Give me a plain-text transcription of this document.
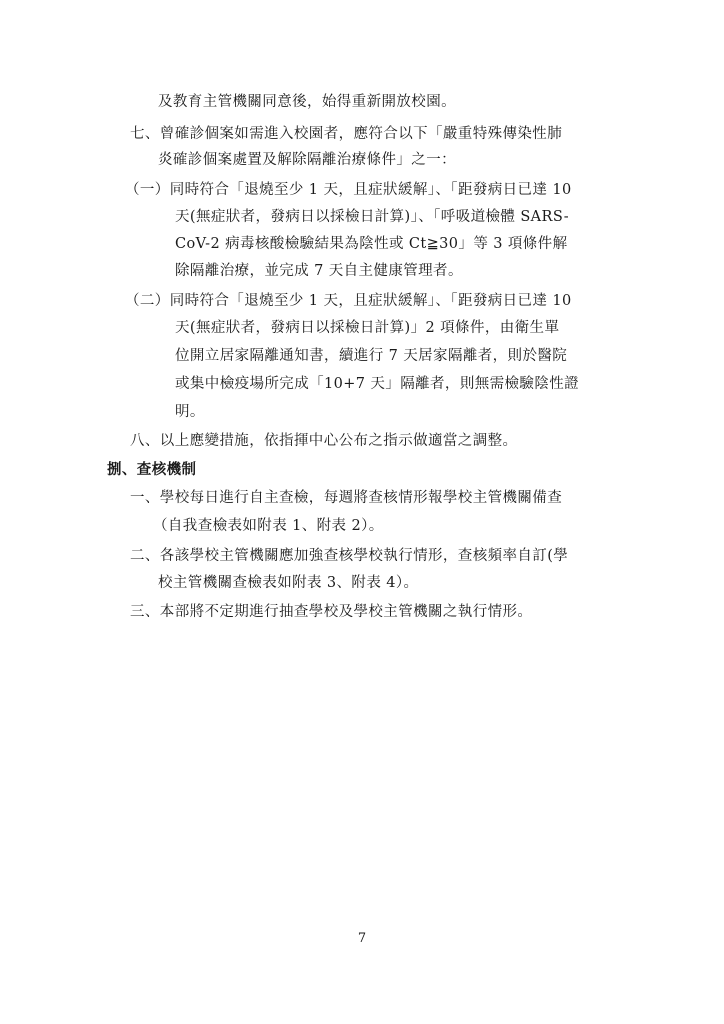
及教育主管機關同意後，始得重新開放校園。
七、曾確診個案如需進入校園者，應符合以下「嚴重特殊傳染性肺
炎確診個案處置及解除隔離治療條件」之一：
（一）同時符合「退燒至少 1 天，且症狀緩解」、「距發病日已達 10
天(無症狀者，發病日以採檢日計算)」、「呼吸道檢體 SARS-
CoV-2 病毒核酸檢驗結果為陰性或 Ct≧30」等 3 項條件解
除隔離治療，並完成 7 天自主健康管理者。
（二）同時符合「退燒至少 1 天，且症狀緩解」、「距發病日已達 10
天(無症狀者，發病日以採檢日計算)」2 項條件，由衛生單
位開立居家隔離通知書，續進行 7 天居家隔離者，則於醫院
或集中檢疫場所完成「10+7 天」隔離者，則無需檢驗陰性證
明。
八、以上應變措施，依指揮中心公布之指示做適當之調整。
捌、查核機制
一、學校每日進行自主查檢，每週將查核情形報學校主管機關備查
（自我查檢表如附表 1、附表 2）。
二、各該學校主管機關應加強查核學校執行情形，查核頻率自訂(學
校主管機關查檢表如附表 3、附表 4）。
三、本部將不定期進行抽查學校及學校主管機關之執行情形。
7
